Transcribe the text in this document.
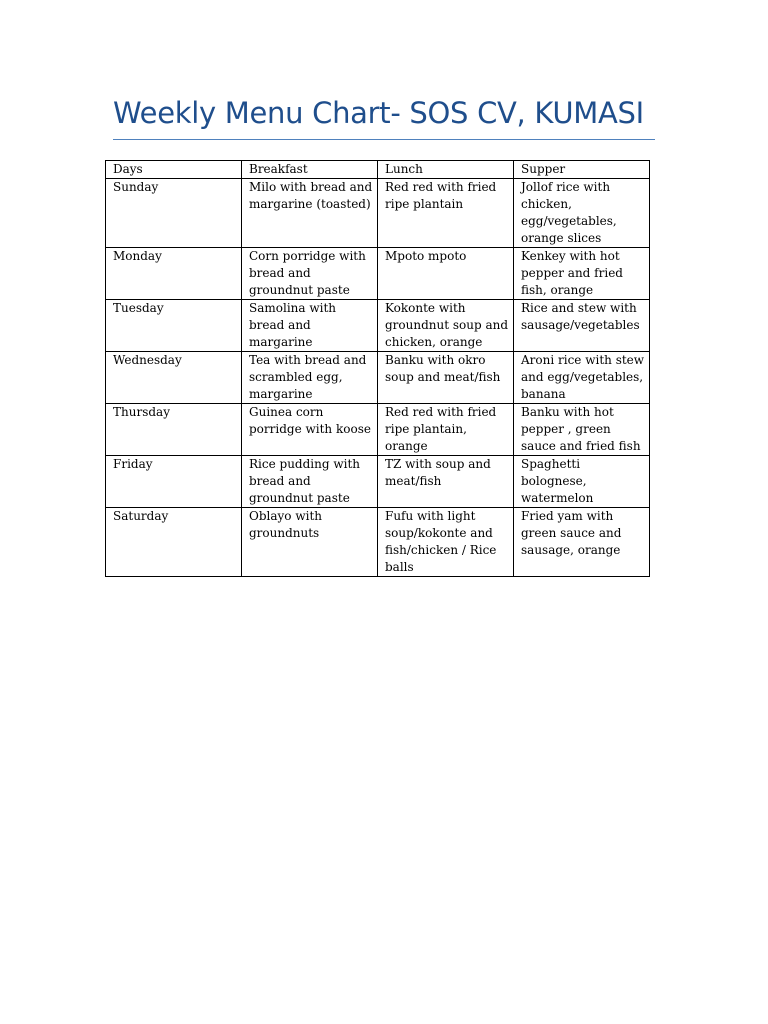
Weekly Menu Chart- SOS CV, KUMASI
Days	Breakfast	Lunch	Supper
Sunday	Milo with bread and margarine (toasted)	Red red with fried ripe plantain	Jollof rice with chicken, egg/vegetables, orange slices
Monday	Corn porridge with bread and groundnut paste	Mpoto mpoto	Kenkey with hot pepper and fried fish, orange
Tuesday	Samolina with bread and margarine	Kokonte with groundnut soup and chicken, orange	Rice and stew with sausage/vegetables
Wednesday	Tea with bread and scrambled egg, margarine	Banku with okro soup and meat/fish	Aroni rice with stew and egg/vegetables, banana
Thursday	Guinea corn porridge with koose	Red red with fried ripe plantain, orange	Banku with hot pepper , green sauce and fried fish
Friday	Rice pudding with bread and groundnut paste	TZ with soup and meat/fish	Spaghetti bolognese, watermelon
Saturday	Oblayo with groundnuts	Fufu with light soup/kokonte and fish/chicken / Rice balls	Fried yam with green sauce and sausage, orange
